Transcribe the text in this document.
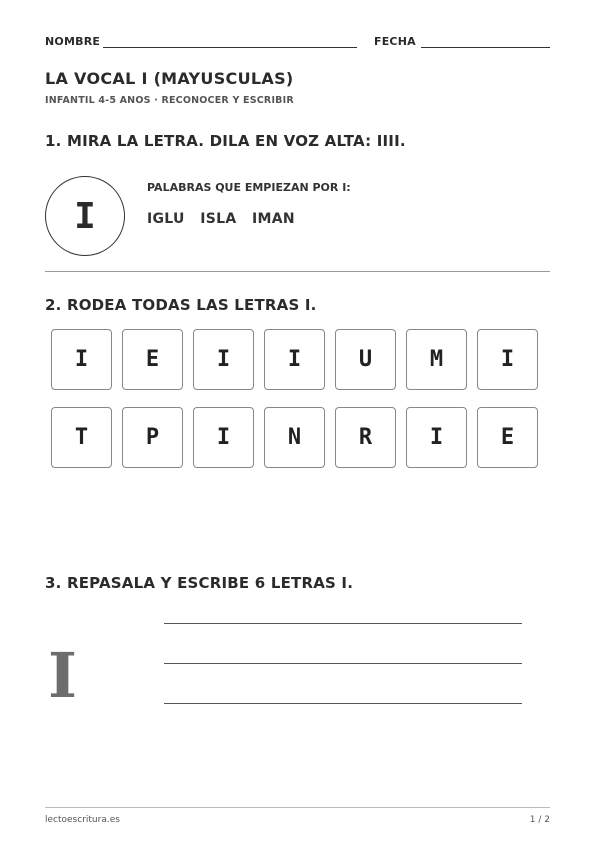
NOMBRE	FECHA
LA VOCAL I (MAYUSCULAS)
INFANTIL 4-5 ANOS · RECONOCER Y ESCRIBIR
1. MIRA LA LETRA. DILA EN VOZ ALTA: IIII.
I
PALABRAS QUE EMPIEZAN POR I:
IGLU   ISLA   IMAN
2. RODEA TODAS LAS LETRAS I.
I	E	I	I	U	M	I
T	P	I	N	R	I	E
3. REPASALA Y ESCRIBE 6 LETRAS I.
I
lectoescritura.es	1 / 2
